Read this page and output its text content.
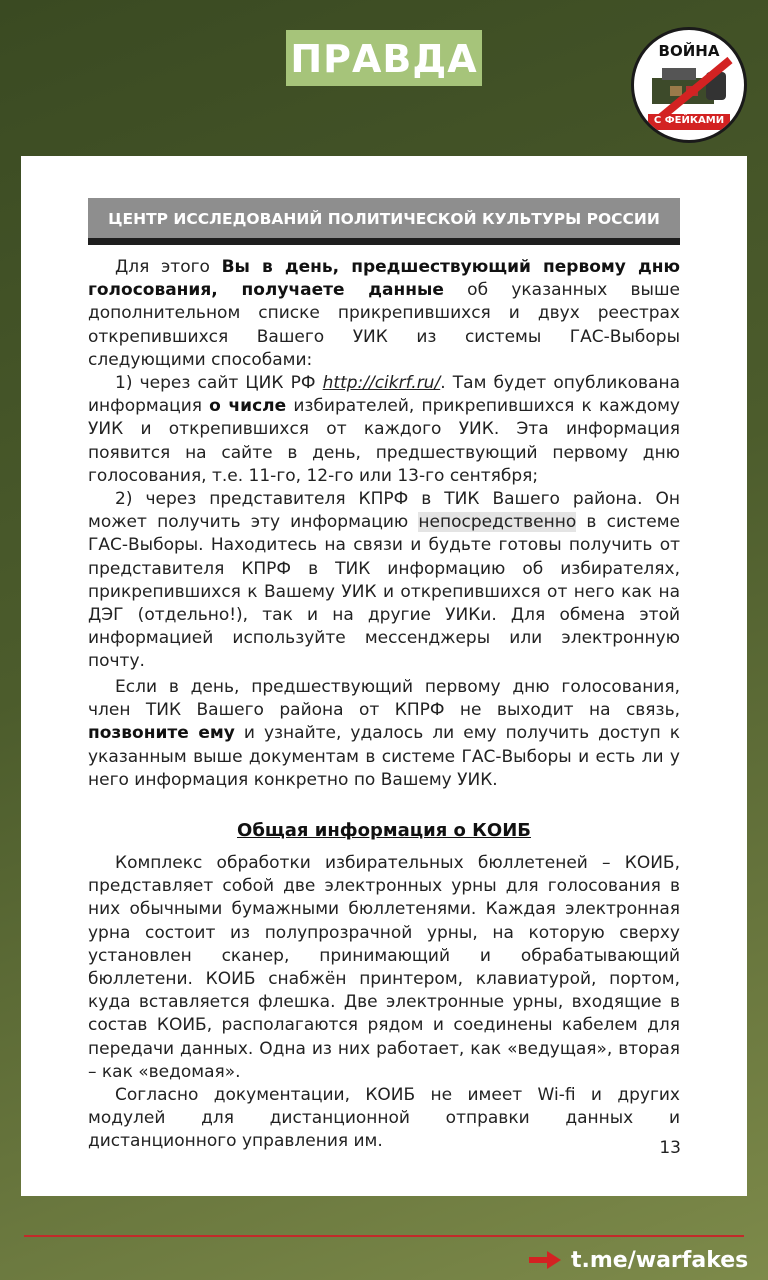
ПРАВДА	ВОЙНА
С ФЕЙКАМИ
ЦЕНТР ИССЛЕДОВАНИЙ ПОЛИТИЧЕСКОЙ КУЛЬТУРЫ РОССИИ

Для этого Вы в день, предшествующий первому дню голосования, получаете данные об указанных выше дополнительном списке прикрепившихся и двух реестрах открепившихся Вашего УИК из системы ГАС-Выборы следующими способами:

1) через сайт ЦИК РФ http://cikrf.ru/. Там будет опубликована информация о числе избирателей, прикрепившихся к каждому УИК и открепившихся от каждого УИК. Эта информация появится на сайте в день, предшествующий первому дню голосования, т.е. 11-го, 12-го или 13-го сентября;

2) через представителя КПРФ в ТИК Вашего района. Он может получить эту информацию непосредственно в системе ГАС-Выборы. Находитесь на связи и будьте готовы получить от представителя КПРФ в ТИК информацию об избирателях, прикрепившихся к Вашему УИК и открепившихся от него как на ДЭГ (отдельно!), так и на другие УИКи. Для обмена этой информацией используйте мессенджеры или электронную почту.

Если в день, предшествующий первому дню голосования, член ТИК Вашего района от КПРФ не выходит на связь, позвоните ему и узнайте, удалось ли ему получить доступ к указанным выше документам в системе ГАС-Выборы и есть ли у него информация конкретно по Вашему УИК.

Общая информация о КОИБ

Комплекс обработки избирательных бюллетеней – КОИБ, представляет собой две электронных урны для голосования в них обычными бумажными бюллетенями. Каждая электронная урна состоит из полупрозрачной урны, на которую сверху установлен сканер, принимающий и обрабатывающий бюллетени. КОИБ снабжён принтером, клавиатурой, портом, куда вставляется флешка. Две электронные урны, входящие в состав КОИБ, располагаются рядом и соединены кабелем для передачи данных. Одна из них работает, как «ведущая», вторая – как «ведомая».

Согласно документации, КОИБ не имеет Wi-fi и других модулей для дистанционной отправки данных и дистанционного управления им.	13
t.me/warfakes
